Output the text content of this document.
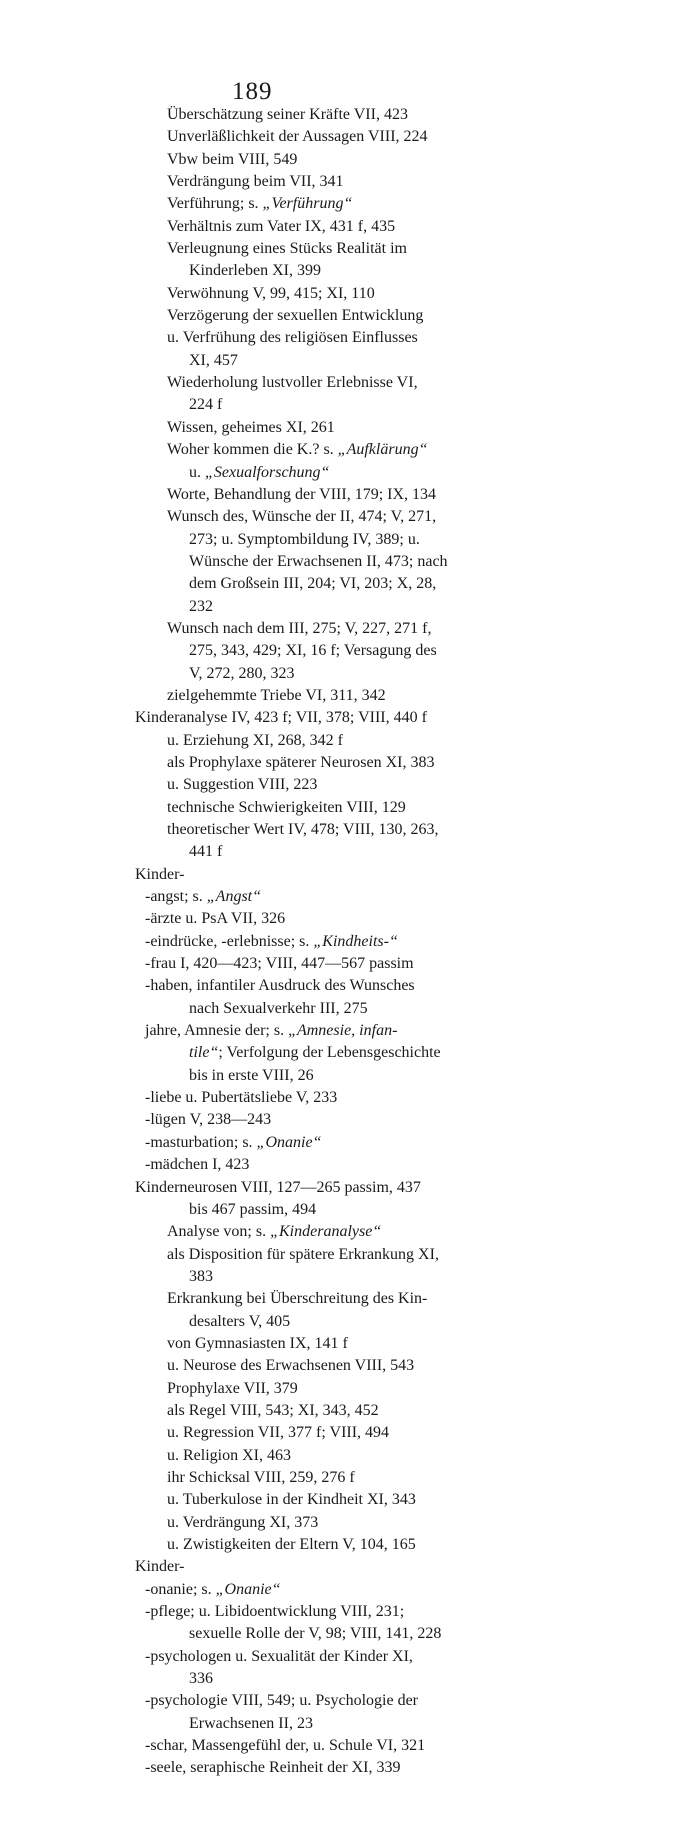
189
Überschätzung seiner Kräfte VII, 423
Unverläßlichkeit der Aussagen VIII, 224
Vbw beim VIII, 549
Verdrängung beim VII, 341
Verführung; s. „Verführung“
Verhältnis zum Vater IX, 431 f, 435
Verleugnung eines Stücks Realität im
Kinderleben XI, 399
Verwöhnung V, 99, 415; XI, 110
Verzögerung der sexuellen Entwicklung
u. Verfrühung des religiösen Einflusses
XI, 457
Wiederholung lustvoller Erlebnisse VI,
224 f
Wissen, geheimes XI, 261
Woher kommen die K.? s. „Aufklärung“
u. „Sexualforschung“
Worte, Behandlung der VIII, 179; IX, 134
Wunsch des, Wünsche der II, 474; V, 271,
273; u. Symptombildung IV, 389; u.
Wünsche der Erwachsenen II, 473; nach
dem Großsein III, 204; VI, 203; X, 28,
232
Wunsch nach dem III, 275; V, 227, 271 f,
275, 343, 429; XI, 16 f; Versagung des
V, 272, 280, 323
zielgehemmte Triebe VI, 311, 342
Kinderanalyse IV, 423 f; VII, 378; VIII, 440 f
u. Erziehung XI, 268, 342 f
als Prophylaxe späterer Neurosen XI, 383
u. Suggestion VIII, 223
technische Schwierigkeiten VIII, 129
theoretischer Wert IV, 478; VIII, 130, 263,
441 f
Kinder-
-angst; s. „Angst“
-ärzte u. PsA VII, 326
-eindrücke, -erlebnisse; s. „Kindheits-“
-frau I, 420—423; VIII, 447—567 passim
-haben, infantiler Ausdruck des Wunsches
nach Sexualverkehr III, 275
jahre, Amnesie der; s. „Amnesie, infan-
tile“; Verfolgung der Lebensgeschichte
bis in erste VIII, 26
-liebe u. Pubertätsliebe V, 233
-lügen V, 238—243
-masturbation; s. „Onanie“
-mädchen I, 423
Kinderneurosen VIII, 127—265 passim, 437
bis 467 passim, 494
Analyse von; s. „Kinderanalyse“
als Disposition für spätere Erkrankung XI,
383
Erkrankung bei Überschreitung des Kin-
desalters V, 405
von Gymnasiasten IX, 141 f
u. Neurose des Erwachsenen VIII, 543
Prophylaxe VII, 379
als Regel VIII, 543; XI, 343, 452
u. Regression VII, 377 f; VIII, 494
u. Religion XI, 463
ihr Schicksal VIII, 259, 276 f
u. Tuberkulose in der Kindheit XI, 343
u. Verdrängung XI, 373
u. Zwistigkeiten der Eltern V, 104, 165
Kinder-
-onanie; s. „Onanie“
-pflege; u. Libidoentwicklung VIII, 231;
sexuelle Rolle der V, 98; VIII, 141, 228
-psychologen u. Sexualität der Kinder XI,
336
-psychologie VIII, 549; u. Psychologie der
Erwachsenen II, 23
-schar, Massengefühl der, u. Schule VI, 321
-seele, seraphische Reinheit der XI, 339
